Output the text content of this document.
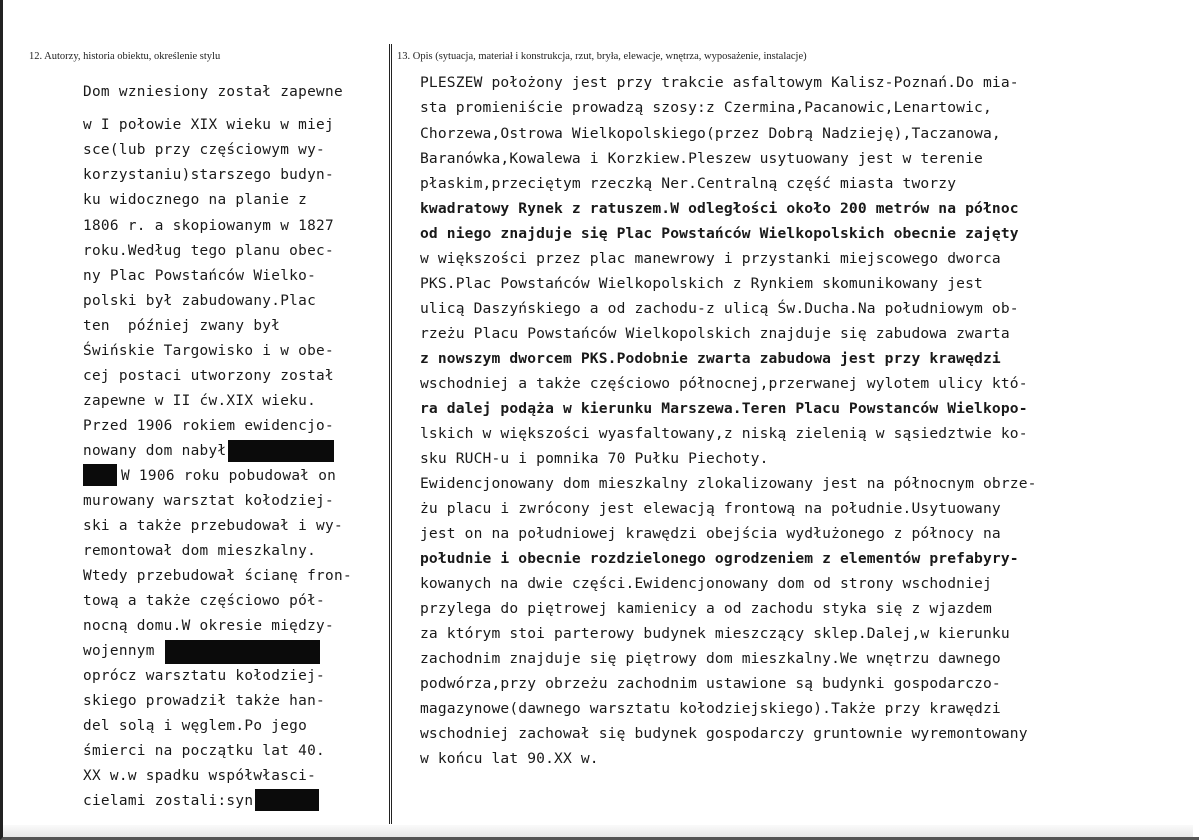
12. Autorzy, historia obiektu, określenie stylu	13. Opis (sytuacja, materiał i konstrukcja, rzut, bryła, elewacje, wnętrza, wyposażenie, instalacje)
Dom wzniesiony został zapewne
w I połowie XIX wieku w miej
sce(lub przy częściowym wy-
korzystaniu)starszego budyn-
ku widocznego na planie z
1806 r. a skopiowanym w 1827
roku.Według tego planu obec-
ny Plac Powstańców Wielko-
polski był zabudowany.Plac
ten  później zwany był
Świńskie Targowisko i w obe-
cej postaci utworzony został
zapewne w II ćw.XIX wieku.
Przed 1906 rokiem ewidencjo-
nowany dom nabył
W 1906 roku pobudował on
murowany warsztat kołodziej-
ski a także przebudował i wy-
remontował dom mieszkalny.
Wtedy przebudował ścianę fron-
tową a także częściowo pół-
nocną domu.W okresie między-
wojennym
oprócz warsztatu kołodziej-
skiego prowadził także han-
del solą i węglem.Po jego
śmierci na początku lat 40.
XX w.w spadku współwłasci-
cielami zostali:syn
PLESZEW położony jest przy trakcie asfaltowym Kalisz-Poznań.Do mia-
sta promieniście prowadzą szosy:z Czermina,Pacanowic,Lenartowic,
Chorzewa,Ostrowa Wielkopolskiego(przez Dobrą Nadzieję),Taczanowa,
Baranówka,Kowalewa i Korzkiew.Pleszew usytuowany jest w terenie
płaskim,przeciętym rzeczką Ner.Centralną część miasta tworzy
kwadratowy Rynek z ratuszem.W odległości około 200 metrów na północ
od niego znajduje się Plac Powstańców Wielkopolskich obecnie zajęty
w większości przez plac manewrowy i przystanki miejscowego dworca
PKS.Plac Powstańców Wielkopolskich z Rynkiem skomunikowany jest
ulicą Daszyńskiego a od zachodu-z ulicą Św.Ducha.Na południowym ob-
rzeżu Placu Powstańców Wielkopolskich znajduje się zabudowa zwarta
z nowszym dworcem PKS.Podobnie zwarta zabudowa jest przy krawędzi
wschodniej a także częściowo północnej,przerwanej wylotem ulicy któ-
ra dalej podąża w kierunku Marszewa.Teren Placu Powstanców Wielkopo-
lskich w większości wyasfaltowany,z niską zielenią w sąsiedztwie ko-
sku RUCH-u i pomnika 70 Pułku Piechoty.
Ewidencjonowany dom mieszkalny zlokalizowany jest na północnym obrze-
żu placu i zwrócony jest elewacją frontową na południe.Usytuowany
jest on na południowej krawędzi obejścia wydłużonego z północy na
południe i obecnie rozdzielonego ogrodzeniem z elementów prefabyry-
kowanych na dwie części.Ewidencjonowany dom od strony wschodniej
przylega do piętrowej kamienicy a od zachodu styka się z wjazdem
za którym stoi parterowy budynek mieszczący sklep.Dalej,w kierunku
zachodnim znajduje się piętrowy dom mieszkalny.We wnętrzu dawnego
podwórza,przy obrzeżu zachodnim ustawione są budynki gospodarczo-
magazynowe(dawnego warsztatu kołodziejskiego).Także przy krawędzi
wschodniej zachował się budynek gospodarczy gruntownie wyremontowany
w końcu lat 90.XX w.
